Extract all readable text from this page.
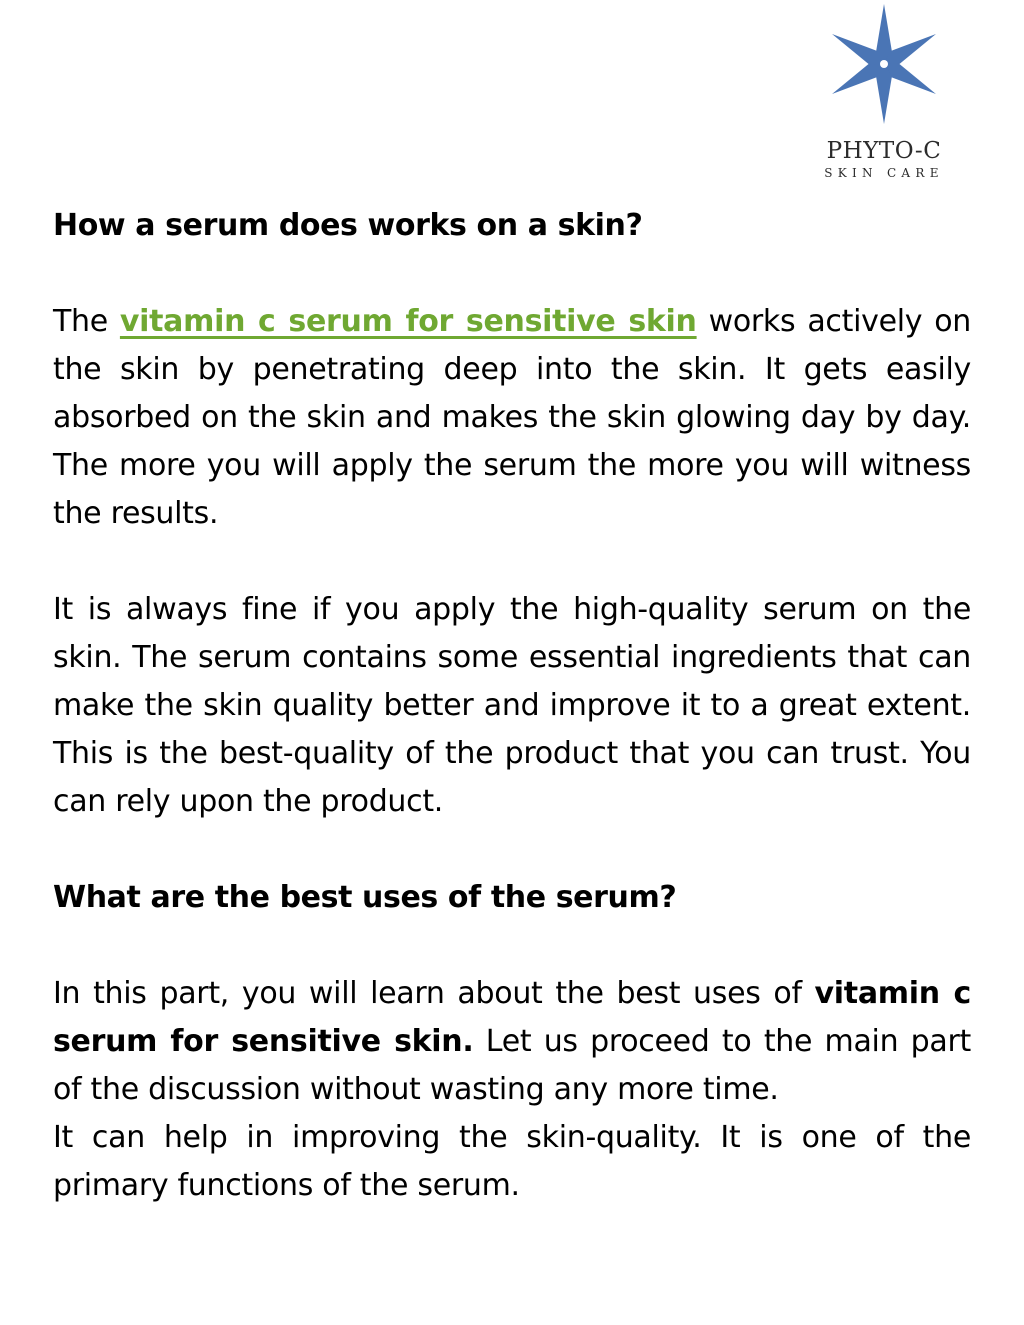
PHYTO-C
SKIN CARE
How a serum does works on a skin?

The vitamin c serum for sensitive skin works actively on the skin by penetrating deep into the skin. It gets easily absorbed on the skin and makes the skin glowing day by day. The more you will apply the serum the more you will witness the results.

It is always fine if you apply the high-quality serum on the skin. The serum contains some essential ingredients that can make the skin quality better and improve it to a great extent. This is the best-quality of the product that you can trust. You can rely upon the product.

What are the best uses of the serum?

In this part, you will learn about the best uses of vitamin c serum for sensitive skin. Let us proceed to the main part of the discussion without wasting any more time.

It can help in improving the skin-quality. It is one of the primary functions of the serum.
